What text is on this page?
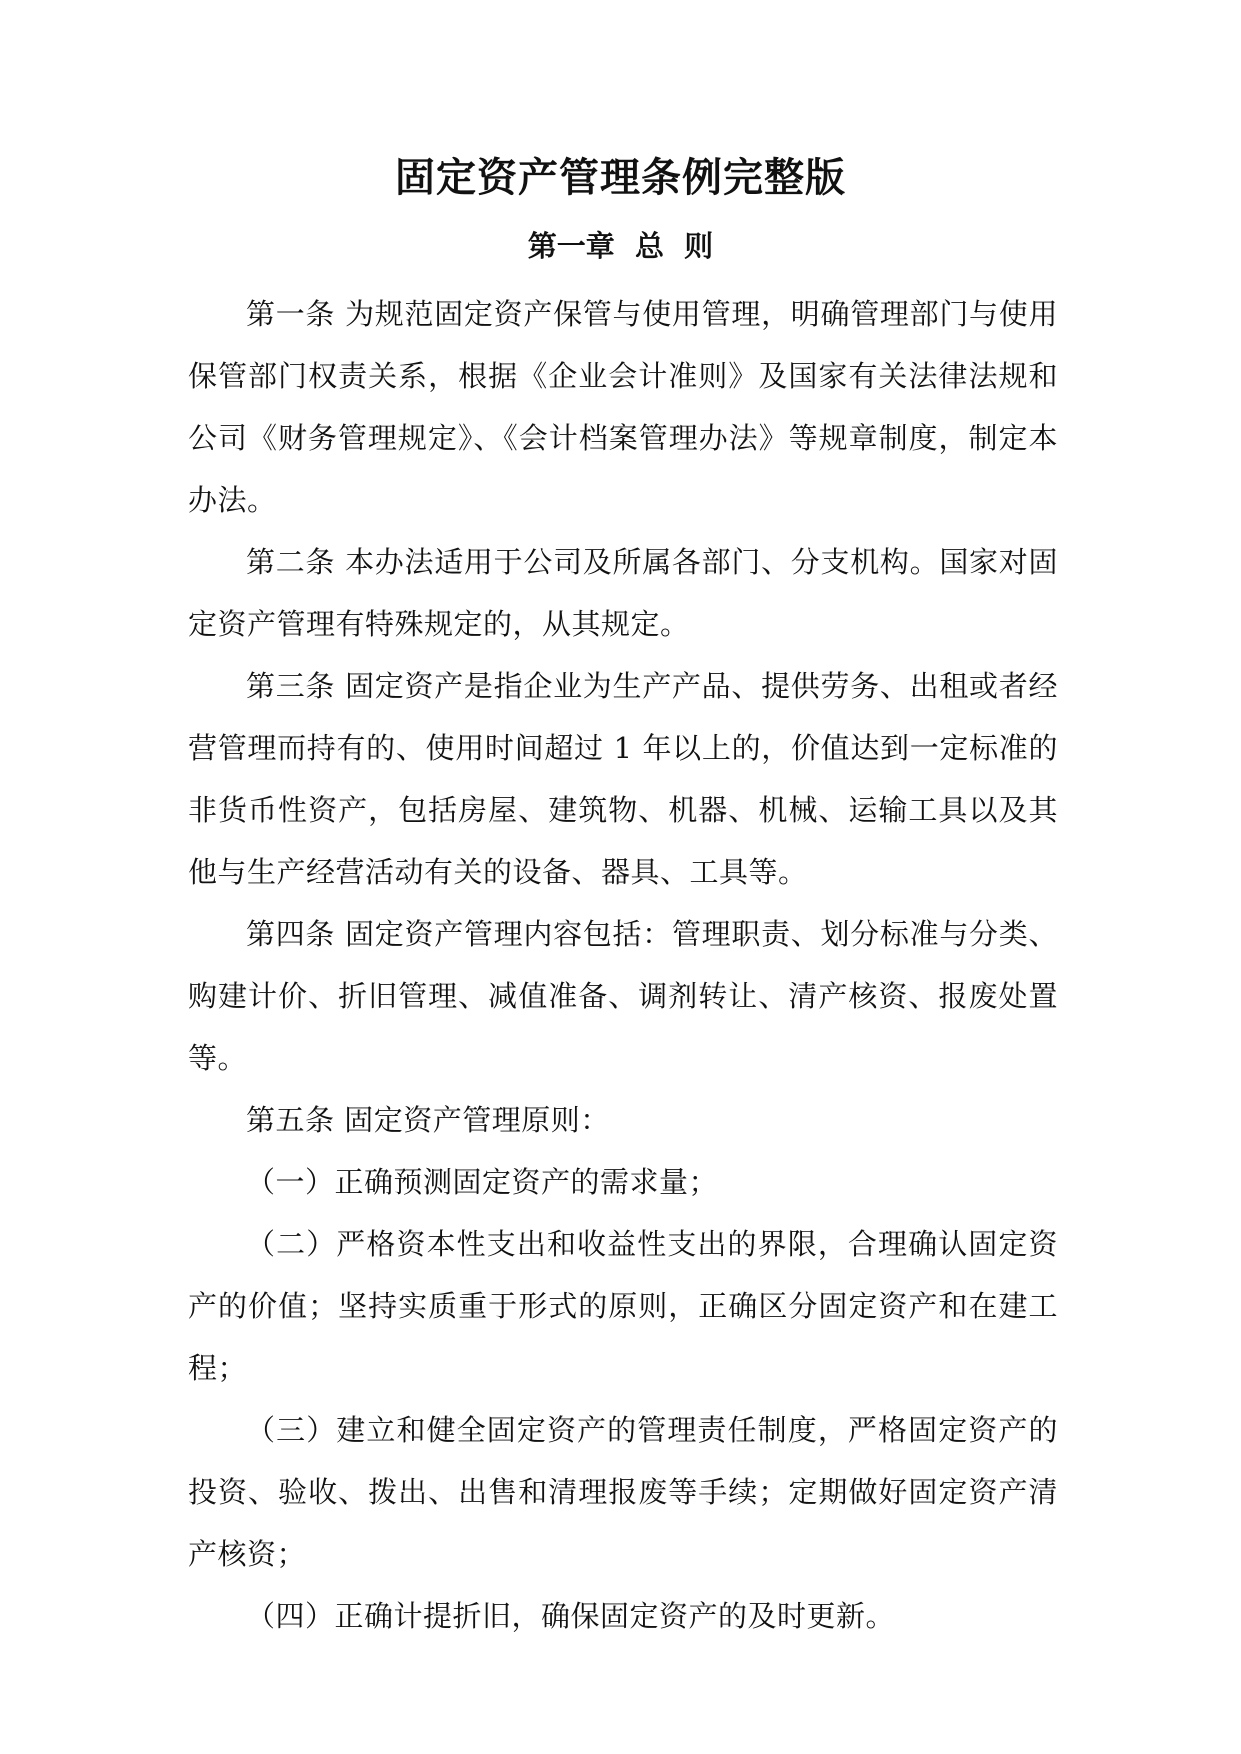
固定资产管理条例完整版
第一章  总  则

第一条 为规范固定资产保管与使用管理，明确管理部门与使用保管部门权责关系，根据《企业会计准则》及国家有关法律法规和公司《财务管理规定》、《会计档案管理办法》等规章制度，制定本办法。

第二条 本办法适用于公司及所属各部门、分支机构。国家对固定资产管理有特殊规定的，从其规定。

第三条 固定资产是指企业为生产产品、提供劳务、出租或者经营管理而持有的、使用时间超过 1 年以上的，价值达到一定标准的非货币性资产，包括房屋、建筑物、机器、机械、运输工具以及其他与生产经营活动有关的设备、器具、工具等。

第四条 固定资产管理内容包括：管理职责、划分标准与分类、购建计价、折旧管理、减值准备、调剂转让、清产核资、报废处置等。

第五条 固定资产管理原则：

（一）正确预测固定资产的需求量；

（二）严格资本性支出和收益性支出的界限，合理确认固定资产的价值；坚持实质重于形式的原则，正确区分固定资产和在建工程；

（三）建立和健全固定资产的管理责任制度，严格固定资产的投资、验收、拨出、出售和清理报废等手续；定期做好固定资产清产核资；

（四）正确计提折旧，确保固定资产的及时更新。
